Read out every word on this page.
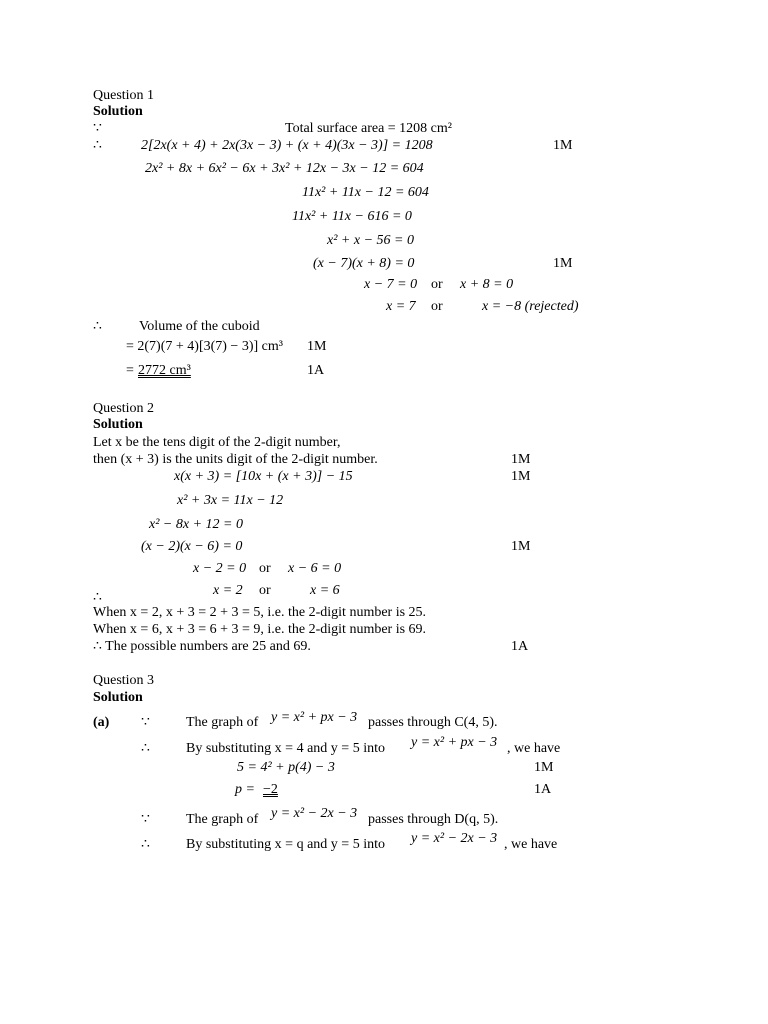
Question 1
Solution
∵	Total surface area = 1208 cm²
∴	2[2x(x + 4) + 2x(3x − 3) + (x + 4)(3x − 3)] = 1208	1M
2x² + 8x + 6x² − 6x + 3x² + 12x − 3x − 12 = 604
11x² + 11x − 12 = 604
11x² + 11x − 616 = 0
x² + x − 56 = 0
(x − 7)(x + 8) = 0	1M
x − 7 = 0 or x + 8 = 0
x = 7 or	x = −8 (rejected)
∴	Volume of the cuboid
= 2(7)(7 + 4)[3(7) − 3)] cm³ 1M
= 2772 cm³	1A
Question 2
Solution
Let x be the tens digit of the 2-digit number,
then (x + 3) is the units digit of the 2-digit number.	1M
x(x + 3) = [10x + (x + 3)] − 15	1M
x² + 3x = 11x − 12
x² − 8x + 12 = 0
(x − 2)(x − 6) = 0	1M
x − 2 = 0 or x − 6 = 0
x = 2 or	x = 6
∴
When x = 2, x + 3 = 2 + 3 = 5, i.e. the 2-digit number is 25.
When x = 6, x + 3 = 6 + 3 = 9, i.e. the 2-digit number is 69.
∴ The possible numbers are 25 and 69.	1A
Question 3
Solution
(a) ∵	The graph of y = x² + px − 3 passes through C(4, 5).
∴	By substituting x = 4 and y = 5 into y = x² + px − 3 , we have
5 = 4² + p(4) − 3	1M
p = −2	1A
∵	The graph of y = x² − 2x − 3 passes through D(q, 5).
∴	By substituting x = q and y = 5 into y = x² − 2x − 3 , we have
